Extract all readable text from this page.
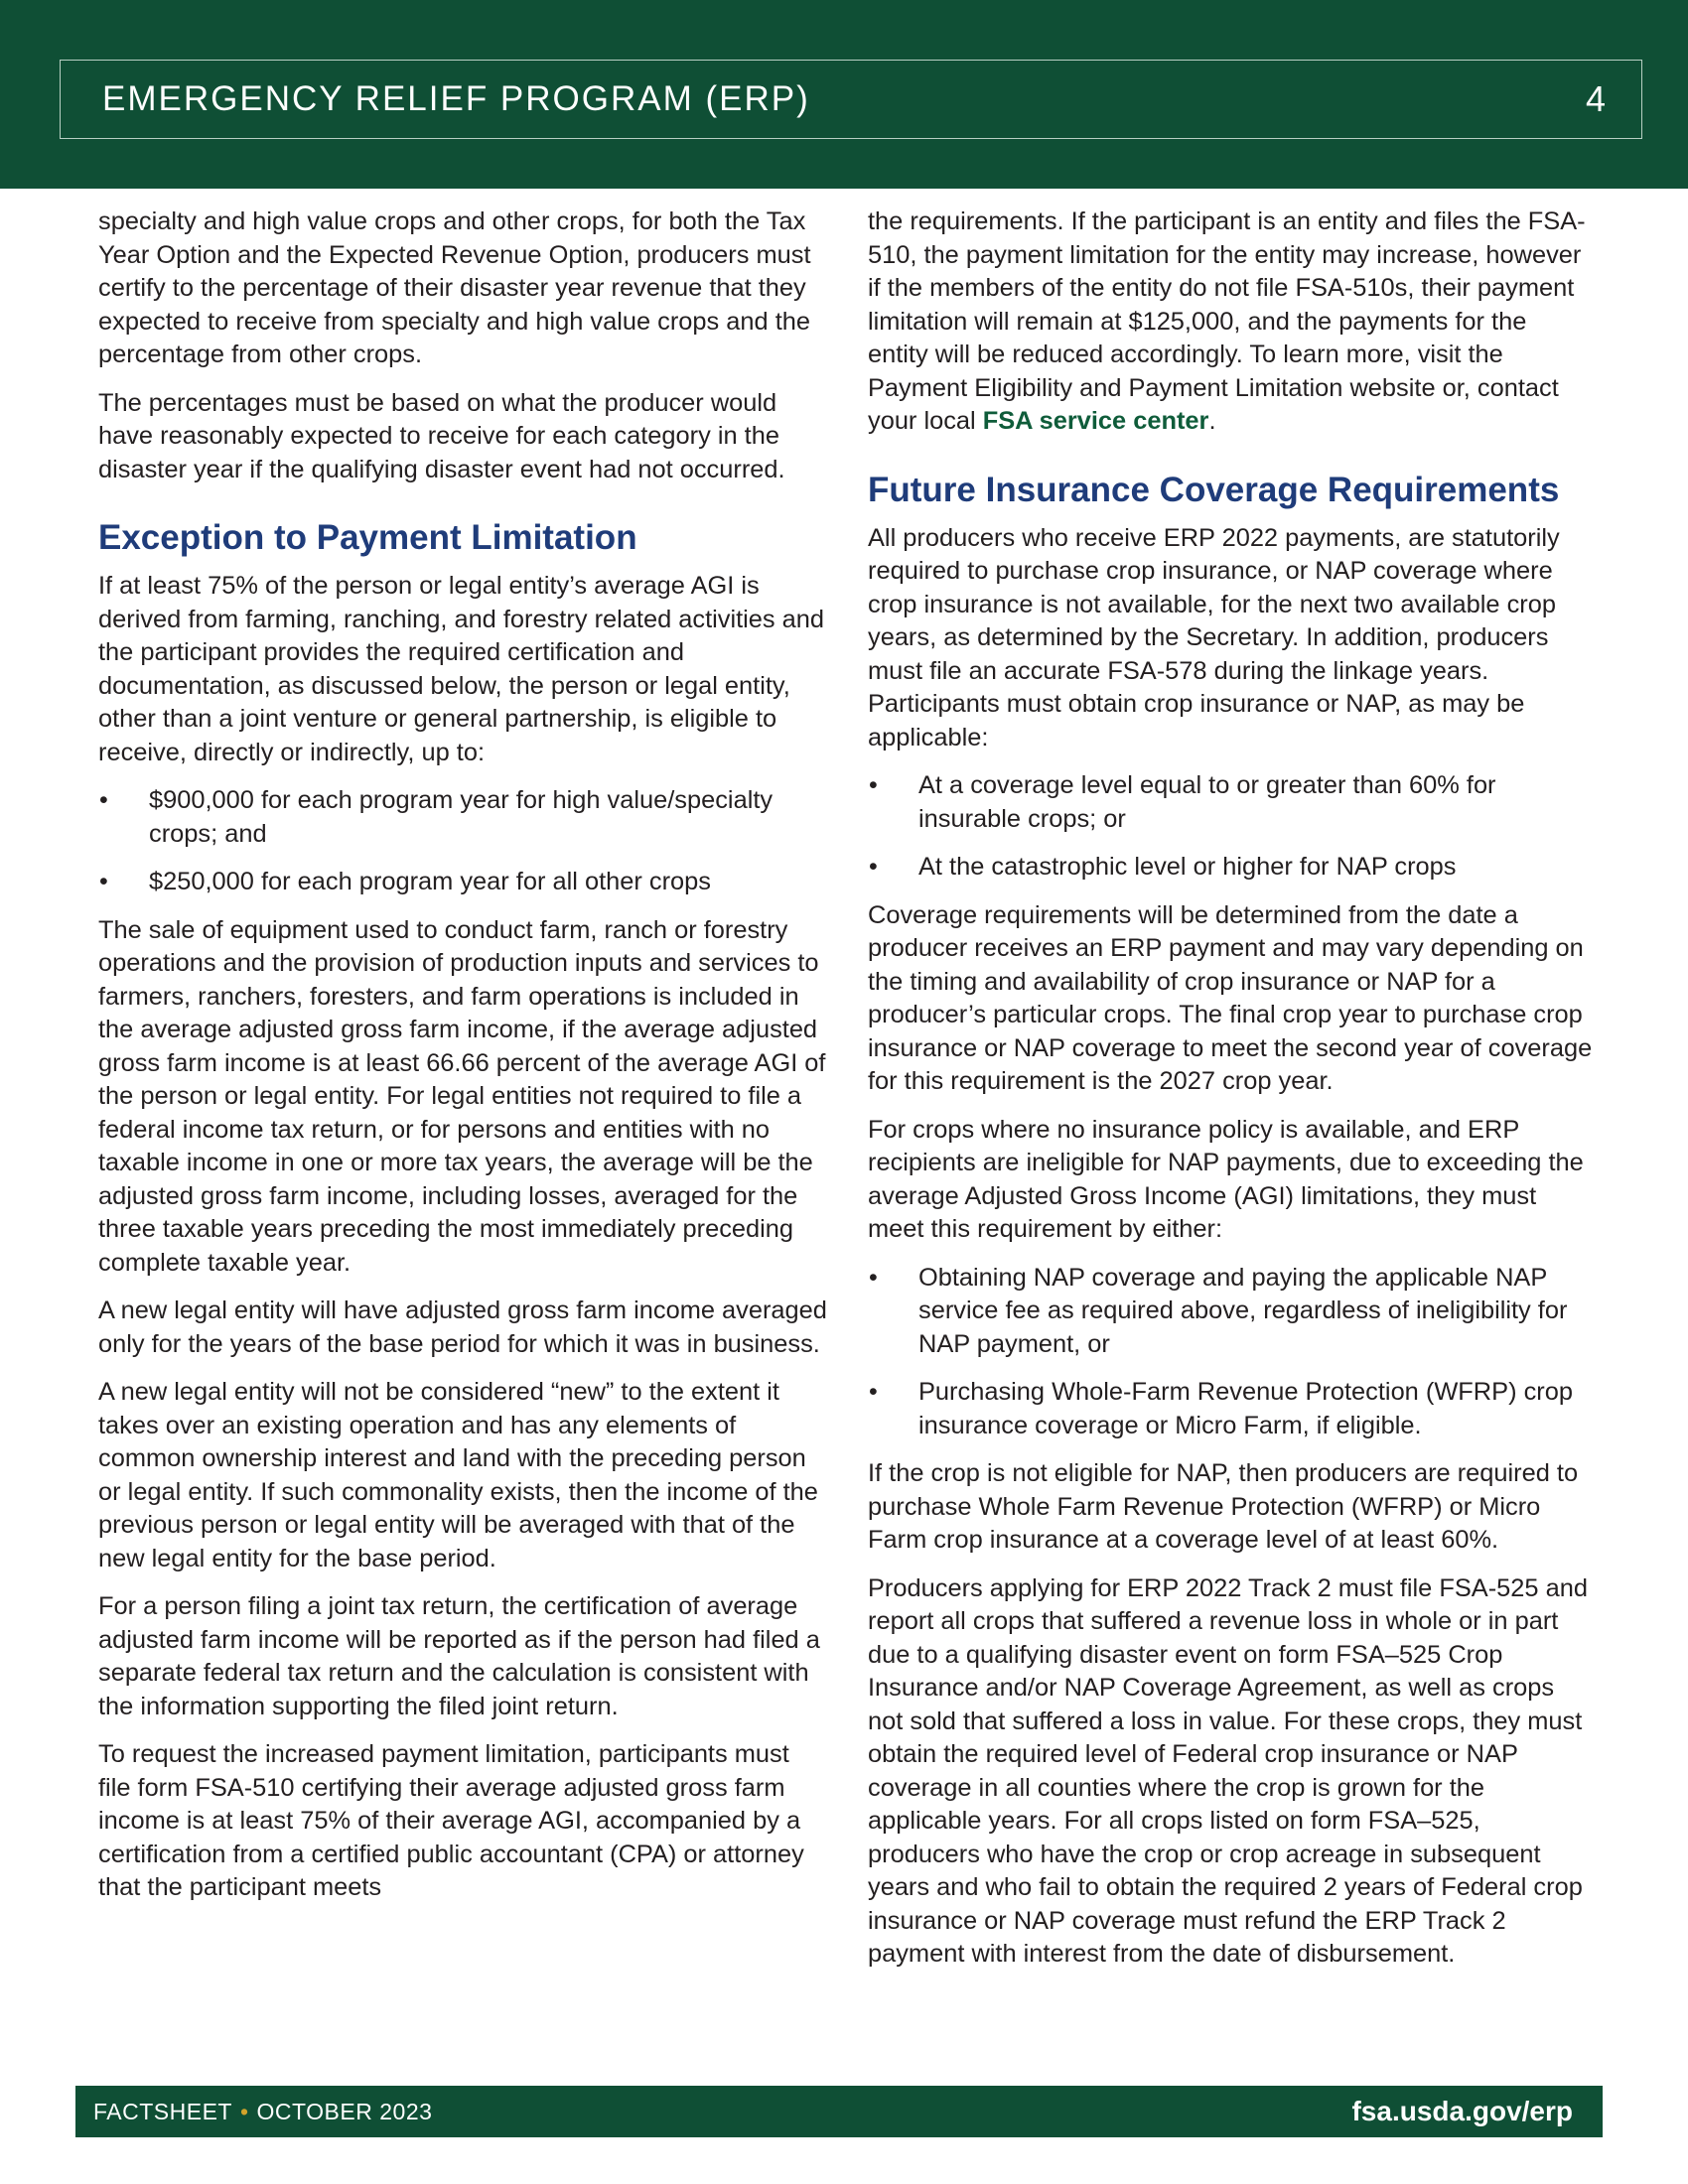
EMERGENCY RELIEF PROGRAM (ERP)	4

specialty and high value crops and other crops, for both the Tax Year Option and the Expected Revenue Option, producers must certify to the percentage of their disaster year revenue that they expected to receive from specialty and high value crops and the percentage from other crops.

The percentages must be based on what the producer would have reasonably expected to receive for each category in the disaster year if the qualifying disaster event had not occurred.

Exception to Payment Limitation

If at least 75% of the person or legal entity’s average AGI is derived from farming, ranching, and forestry related activities and the participant provides the required certification and documentation, as discussed below, the person or legal entity, other than a joint venture or general partnership, is eligible to receive, directly or indirectly, up to:

• $900,000 for each program year for high value/specialty crops; and
• $250,000 for each program year for all other crops

The sale of equipment used to conduct farm, ranch or forestry operations and the provision of production inputs and services to farmers, ranchers, foresters, and farm operations is included in the average adjusted gross farm income, if the average adjusted gross farm income is at least 66.66 percent of the average AGI of the person or legal entity. For legal entities not required to file a federal income tax return, or for persons and entities with no taxable income in one or more tax years, the average will be the adjusted gross farm income, including losses, averaged for the three taxable years preceding the most immediately preceding complete taxable year.

A new legal entity will have adjusted gross farm income averaged only for the years of the base period for which it was in business.

A new legal entity will not be considered “new” to the extent it takes over an existing operation and has any elements of common ownership interest and land with the preceding person or legal entity. If such commonality exists, then the income of the previous person or legal entity will be averaged with that of the new legal entity for the base period.

For a person filing a joint tax return, the certification of average adjusted farm income will be reported as if the person had filed a separate federal tax return and the calculation is consistent with the information supporting the filed joint return.

To request the increased payment limitation, participants must file form FSA-510 certifying their average adjusted gross farm income is at least 75% of their average AGI, accompanied by a certification from a certified public accountant (CPA) or attorney that the participant meets

the requirements. If the participant is an entity and files the FSA-510, the payment limitation for the entity may increase, however if the members of the entity do not file FSA-510s, their payment limitation will remain at $125,000, and the payments for the entity will be reduced accordingly. To learn more, visit the Payment Eligibility and Payment Limitation website or, contact your local FSA service center.

Future Insurance Coverage Requirements

All producers who receive ERP 2022 payments, are statutorily required to purchase crop insurance, or NAP coverage where crop insurance is not available, for the next two available crop years, as determined by the Secretary. In addition, producers must file an accurate FSA-578 during the linkage years. Participants must obtain crop insurance or NAP, as may be applicable:

• At a coverage level equal to or greater than 60% for insurable crops; or
• At the catastrophic level or higher for NAP crops

Coverage requirements will be determined from the date a producer receives an ERP payment and may vary depending on the timing and availability of crop insurance or NAP for a producer’s particular crops. The final crop year to purchase crop insurance or NAP coverage to meet the second year of coverage for this requirement is the 2027 crop year.

For crops where no insurance policy is available, and ERP recipients are ineligible for NAP payments, due to exceeding the average Adjusted Gross Income (AGI) limitations, they must meet this requirement by either:

• Obtaining NAP coverage and paying the applicable NAP service fee as required above, regardless of ineligibility for NAP payment, or
• Purchasing Whole-Farm Revenue Protection (WFRP) crop insurance coverage or Micro Farm, if eligible.

If the crop is not eligible for NAP, then producers are required to purchase Whole Farm Revenue Protection (WFRP) or Micro Farm crop insurance at a coverage level of at least 60%.

Producers applying for ERP 2022 Track 2 must file FSA-525 and report all crops that suffered a revenue loss in whole or in part due to a qualifying disaster event on form FSA–525 Crop Insurance and/or NAP Coverage Agreement, as well as crops not sold that suffered a loss in value. For these crops, they must obtain the required level of Federal crop insurance or NAP coverage in all counties where the crop is grown for the applicable years. For all crops listed on form FSA–525, producers who have the crop or crop acreage in subsequent years and who fail to obtain the required 2 years of Federal crop insurance or NAP coverage must refund the ERP Track 2 payment with interest from the date of disbursement.

FACTSHEET • OCTOBER 2023	fsa.usda.gov/erp
